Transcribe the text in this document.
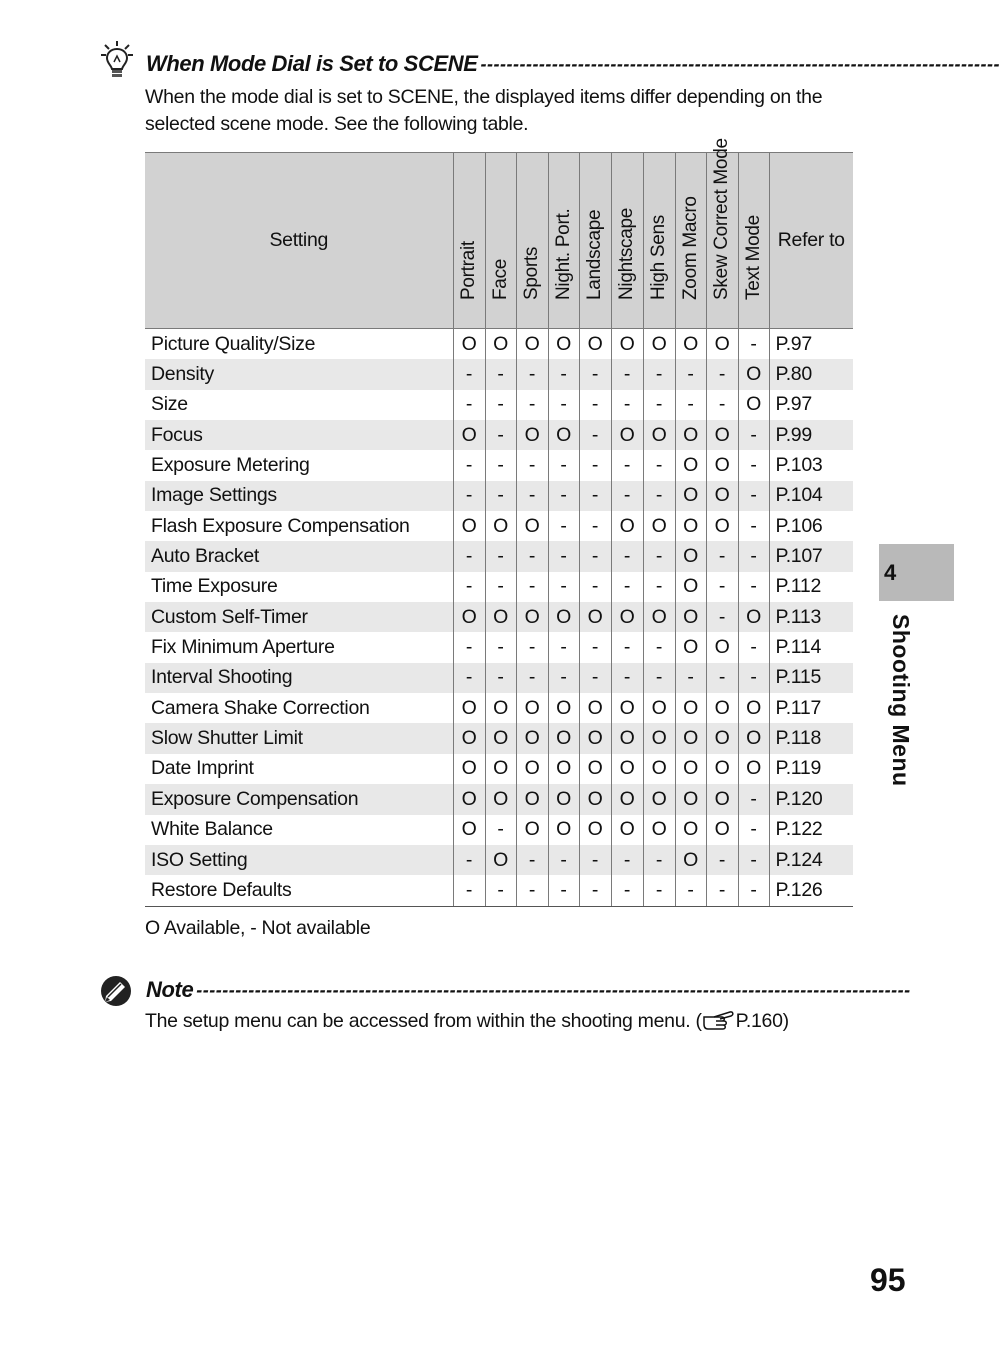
When Mode Dial is Set to SCENE --------------------------------------------------------------------------------
When the mode dial is set to SCENE, the displayed items differ depending on the selected scene mode. See the following table.
Setting	Portrait	Face	Sports	Night. Port.	Landscape	Nightscape	High Sens	Zoom Macro	Skew Correct Mode	Text Mode	Refer to
Picture Quality/Size	O	O	O	O	O	O	O	O	O	-	P.97
Density	-	-	-	-	-	-	-	-	-	O	P.80
Size	-	-	-	-	-	-	-	-	-	O	P.97
Focus	O	-	O	O	-	O	O	O	O	-	P.99
Exposure Metering	-	-	-	-	-	-	-	O	O	-	P.103
Image Settings	-	-	-	-	-	-	-	O	O	-	P.104
Flash Exposure Compensation	O	O	O	-	-	O	O	O	O	-	P.106
Auto Bracket	-	-	-	-	-	-	-	O	-	-	P.107
Time Exposure	-	-	-	-	-	-	-	O	-	-	P.112
Custom Self-Timer	O	O	O	O	O	O	O	O	-	O	P.113
Fix Minimum Aperture	-	-	-	-	-	-	-	O	O	-	P.114
Interval Shooting	-	-	-	-	-	-	-	-	-	-	P.115
Camera Shake Correction	O	O	O	O	O	O	O	O	O	O	P.117
Slow Shutter Limit	O	O	O	O	O	O	O	O	O	O	P.118
Date Imprint	O	O	O	O	O	O	O	O	O	O	P.119
Exposure Compensation	O	O	O	O	O	O	O	O	O	-	P.120
White Balance	O	-	O	O	O	O	O	O	O	-	P.122
ISO Setting	-	O	-	-	-	-	-	O	-	-	P.124
Restore Defaults	-	-	-	-	-	-	-	-	-	-	P.126
O Available, - Not available
Note --------------------------------------------------------------------------------------------------------------
The setup menu can be accessed from within the shooting menu. ( P.160)
4
Shooting Menu
95
